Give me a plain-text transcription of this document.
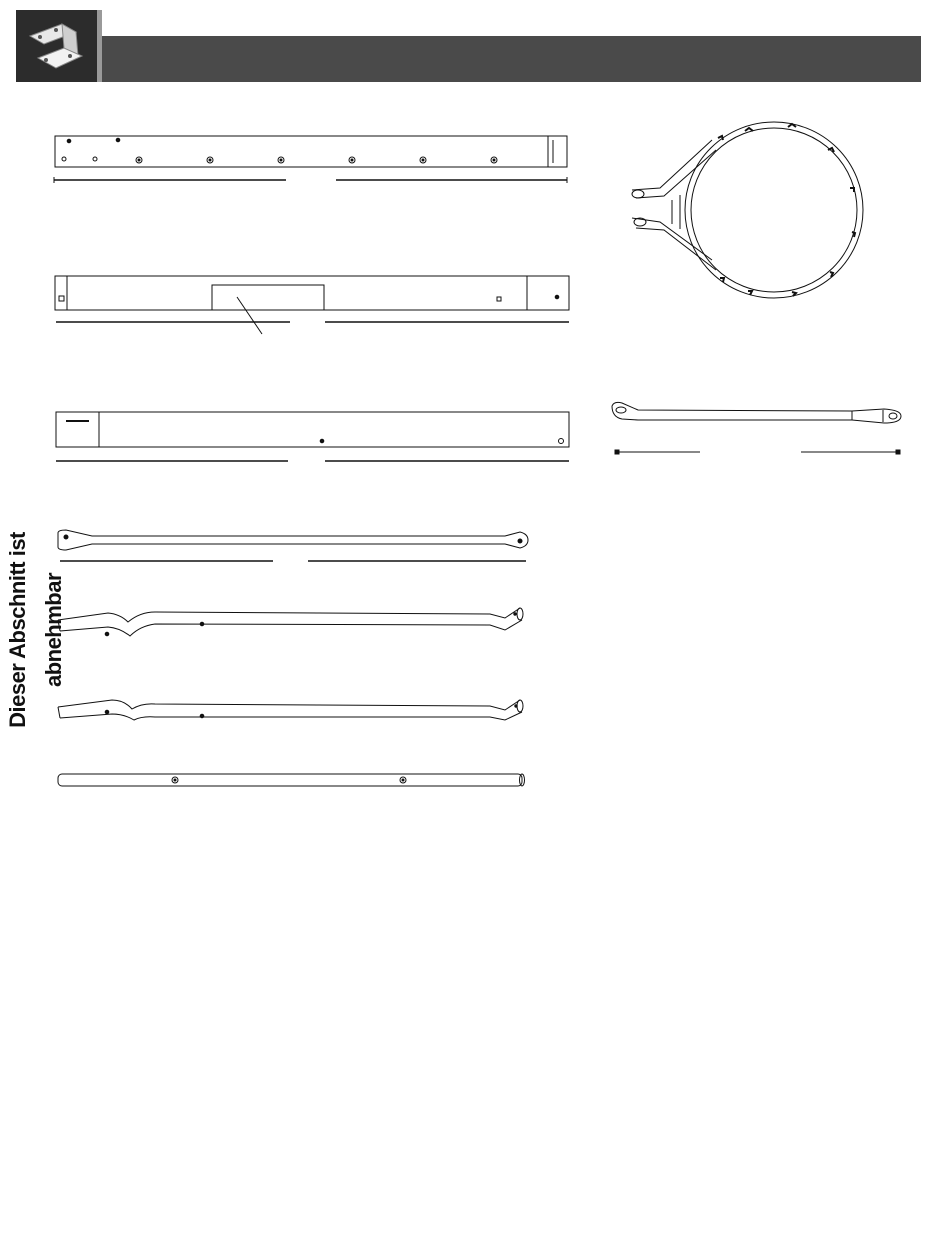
Dieser Abschnitt ist abnehmbar
